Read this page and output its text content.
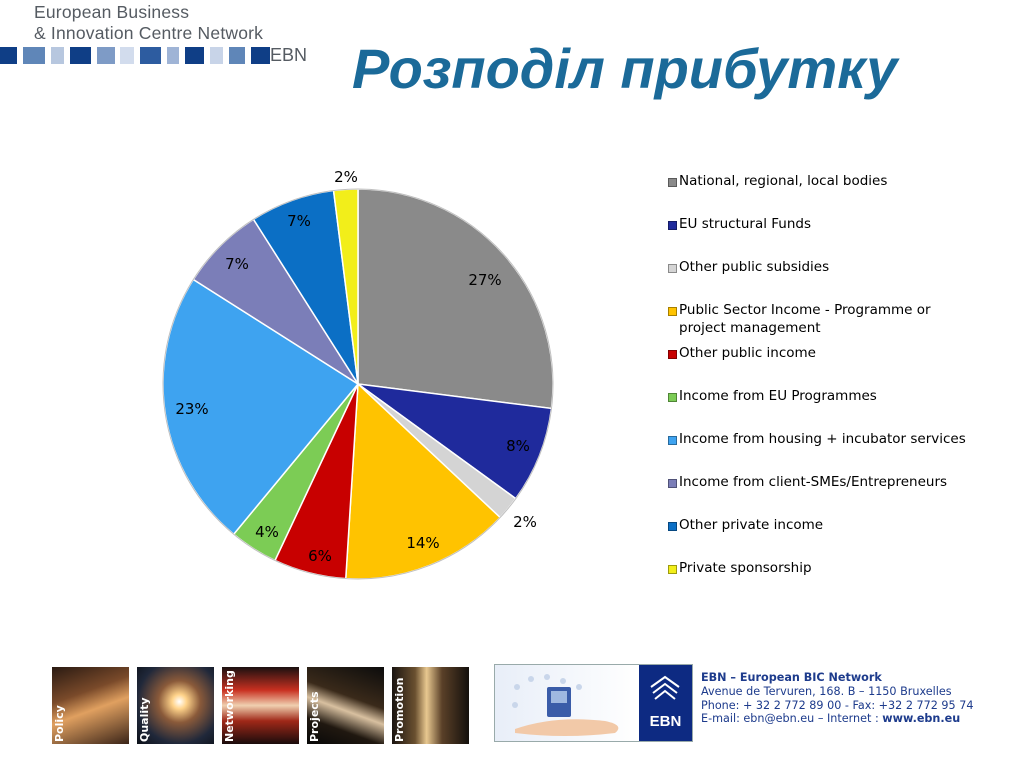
European Business
& Innovation Centre Network
EBN Розподіл прибутку
27%
8%
2%
14%
6%
4%
23%
7%
7%
2%	National, regional, local bodies
EU structural Funds
Other public subsidies
Public Sector Income - Programme or project management
Other public income
Income from EU Programmes
Income from housing + incubator services
Income from client-SMEs/Entrepreneurs
Other private income
Private sponsorship
Policy	Quality	Networking	Projects	Promotion	EBN
EBN – European BIC Network
Avenue de Tervuren, 168. B – 1150 Bruxelles
Phone: + 32 2 772 89 00 - Fax: +32 2 772 95 74
E-mail: ebn@ebn.eu – Internet : www.ebn.eu
